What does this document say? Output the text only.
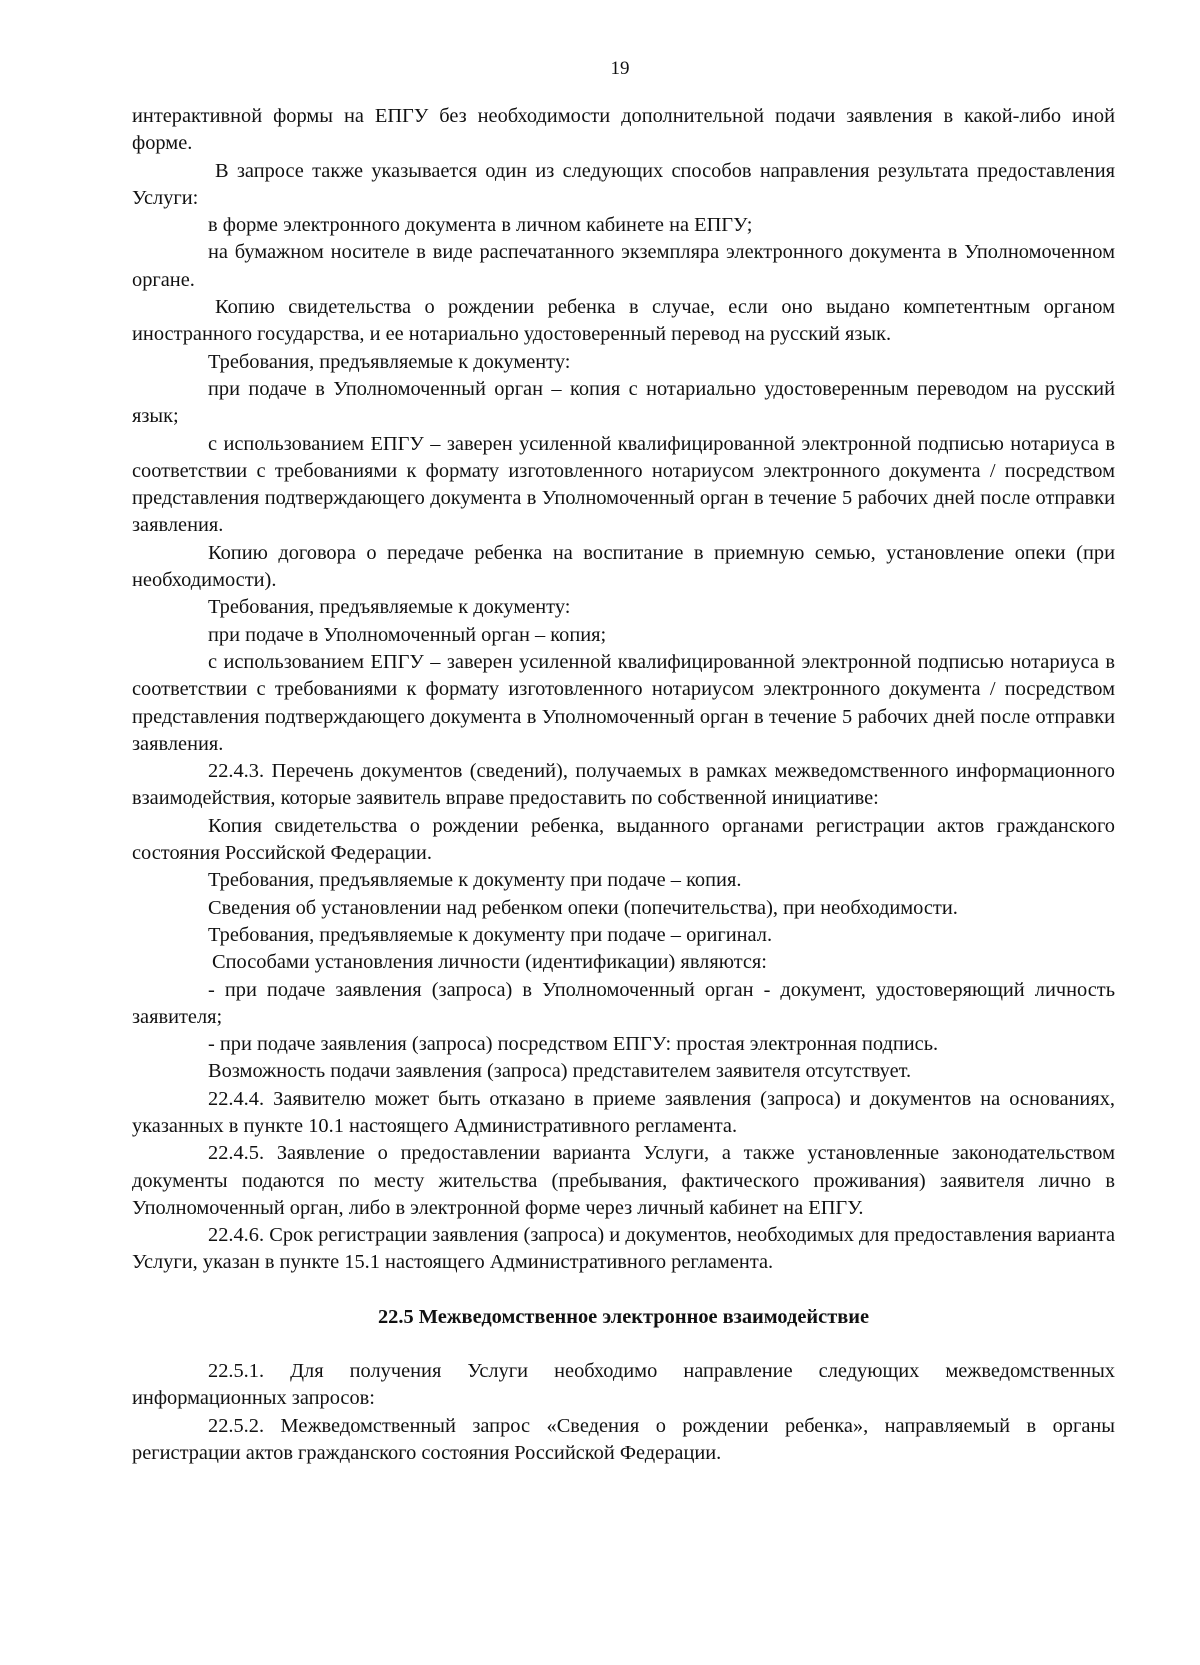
19

интерактивной формы на ЕПГУ без необходимости дополнительной подачи заявления в какой-либо иной форме.

В запросе также указывается один из следующих способов направления результата предоставления Услуги:

в форме электронного документа в личном кабинете на ЕПГУ;

на бумажном носителе в виде распечатанного экземпляра электронного документа в Уполномоченном органе.

Копию свидетельства о рождении ребенка в случае, если оно выдано компетентным органом иностранного государства, и ее нотариально удостоверенный перевод на русский язык.

Требования, предъявляемые к документу:

при подаче в Уполномоченный орган – копия с нотариально удостоверенным переводом на русский язык;

с использованием ЕПГУ – заверен усиленной квалифицированной электронной подписью нотариуса в соответствии с требованиями к формату изготовленного нотариусом электронного документа / посредством представления подтверждающего документа в Уполномоченный орган в течение 5 рабочих дней после отправки заявления.

Копию договора о передаче ребенка на воспитание в приемную семью, установление опеки (при необходимости).

Требования, предъявляемые к документу:

при подаче в Уполномоченный орган – копия;

с использованием ЕПГУ – заверен усиленной квалифицированной электронной подписью нотариуса в соответствии с требованиями к формату изготовленного нотариусом электронного документа / посредством представления подтверждающего документа в Уполномоченный орган в течение 5 рабочих дней после отправки заявления.

22.4.3. Перечень документов (сведений), получаемых в рамках межведомственного информационного взаимодействия, которые заявитель вправе предоставить по собственной инициативе:

Копия свидетельства о рождении ребенка, выданного органами регистрации актов гражданского состояния Российской Федерации.

Требования, предъявляемые к документу при подаче – копия.

Сведения об установлении над ребенком опеки (попечительства), при необходимости.

Требования, предъявляемые к документу при подаче – оригинал.

Способами установления личности (идентификации) являются:

- при подаче заявления (запроса) в Уполномоченный орган - документ, удостоверяющий личность заявителя;

- при подаче заявления (запроса) посредством ЕПГУ: простая электронная подпись.

Возможность подачи заявления (запроса) представителем заявителя отсутствует.

22.4.4. Заявителю может быть отказано в приеме заявления (запроса) и документов на основаниях, указанных в пункте 10.1 настоящего Административного регламента.

22.4.5. Заявление о предоставлении варианта Услуги, а также установленные законодательством документы подаются по месту жительства (пребывания, фактического проживания) заявителя лично в Уполномоченный орган, либо в электронной форме через личный кабинет на ЕПГУ.

22.4.6. Срок регистрации заявления (запроса) и документов, необходимых для предоставления варианта Услуги, указан в пункте 15.1 настоящего Административного регламента.

22.5 Межведомственное электронное взаимодействие

22.5.1. Для получения Услуги необходимо направление следующих межведомственных информационных запросов:

22.5.2. Межведомственный запрос «Сведения о рождении ребенка», направляемый в органы регистрации актов гражданского состояния Российской Федерации.
